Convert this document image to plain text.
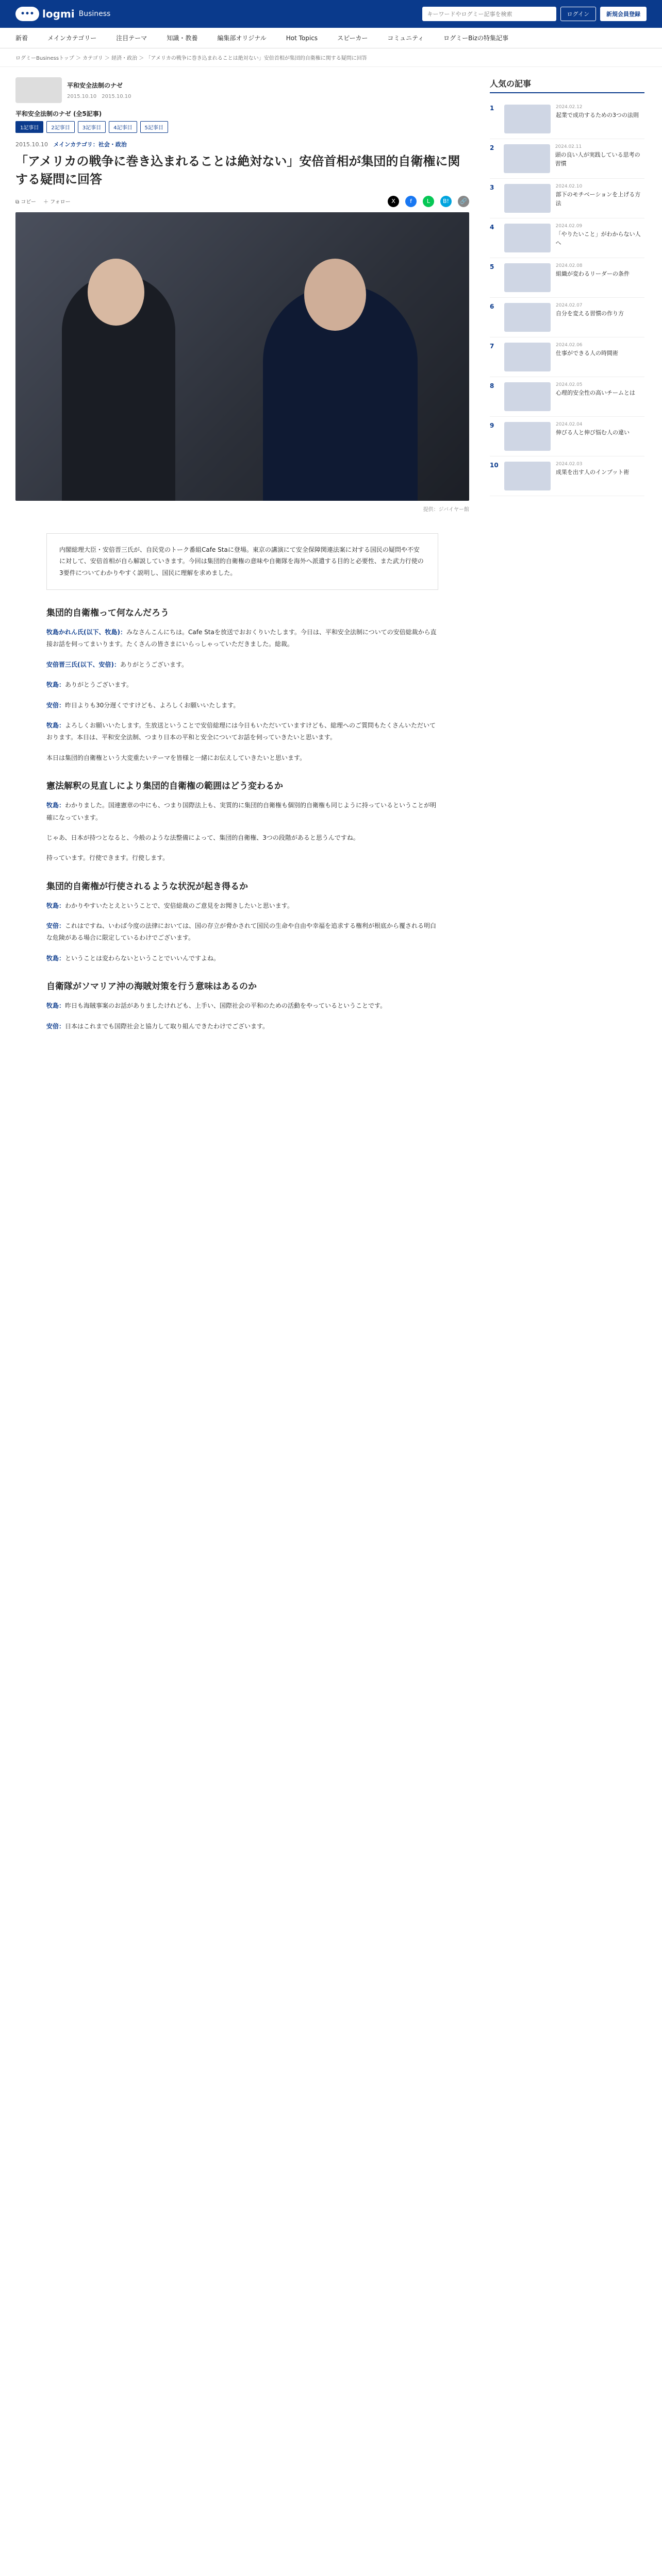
••• logmi Business
キーワードやログミー記事を検索	ログイン	新規会員登録
新着	メインカテゴリー	注目テーマ	知識・教養	編集部オリジナル	Hot Topics	スピーカー	コミュニティ	ログミーBizの特集記事
ログミーBusinessトップ ＞ カテゴリ ＞ 経済・政治 ＞ 「アメリカの戦争に巻き込まれることは絶対ない」安倍首相が集団的自衛権に関する疑問に回答
平和安全法制のナゼ
2015.10.10　2015.10.10
平和安全法制のナゼ (全5記事)
1記事目	2記事目	3記事目	4記事目	5記事目
2015.10.10 メインカテゴリ：社会・政治
「アメリカの戦争に巻き込まれることは絶対ない」安倍首相が集団的自衛権に関する疑問に回答
⧉ コピー ＋ フォロー	X	f	L	B!	🔗
提供：ジバイヤー館
内閣総理大臣・安倍晋三氏が、自民党のトーク番組Cafe Staに登場。東京の講演にて安全保障関連法案に対する国民の疑問や不安に対して、安倍首相が自ら解説していきます。今回は集団的自衛権の意味や自衛隊を海外へ派遣する目的と必要性、また武力行使の3要件についてわかりやすく説明し、国民に理解を求めました。
集団的自衛権って何なんだろう

牧島かれん氏(以下、牧島)：みなさんこんにちは。Cafe Staを放送でおおくりいたします。今日は、平和安全法制についての安倍総裁から直接お話を伺ってまいります。たくさんの皆さまにいらっしゃっていただきました。総裁。

安倍晋三氏(以下、安倍)：ありがとうございます。

牧島：ありがとうございます。

安倍：昨日よりも30分遅くですけども、よろしくお願いいたします。

牧島：よろしくお願いいたします。生放送ということで安倍総理には今日もいただいていますけども、総理へのご質問もたくさんいただいております。本日は、平和安全法制、つまり日本の平和と安全についてお話を伺っていきたいと思います。

本日は集団的自衛権という大変重たいテーマを皆様と一緒にお伝えしていきたいと思います。

憲法解釈の見直しにより集団的自衛権の範囲はどう変わるか

牧島：わかりました。国連憲章の中にも、つまり国際法上も、実質的に集団的自衛権も個別的自衛権も同じように持っているということが明確になっています。

じゃあ、日本が持つとなると、今般のような法整備によって、集団的自衛権、3つの段階があると思うんですね。

持っています。行使できます。行使します。

集団的自衛権が行使されるような状況が起き得るか

牧島：わかりやすいたとえということで、安倍総裁のご意見をお聞きしたいと思います。

安倍：これはですね、いわば今度の法律においては、国の存立が脅かされて国民の生命や自由や幸福を追求する権利が根底から覆される明白な危険がある場合に限定しているわけでございます。

牧島：ということは変わらないということでいいんですよね。

自衛隊がソマリア沖の海賊対策を行う意味はあるのか

牧島：昨日も海賊事案のお話がありましたけれども、上手い、国際社会の平和のための活動をやっているということです。

安倍：日本はこれまでも国際社会と協力して取り組んできたわけでございます。

人気の記事
1	2024.02.12
起業で成功するための3つの法則
2	2024.02.11
頭の良い人が実践している思考の習慣
3	2024.02.10
部下のモチベーションを上げる方法
4	2024.02.09
「やりたいこと」がわからない人へ
5	2024.02.08
組織が変わるリーダーの条件
6	2024.02.07
自分を変える習慣の作り方
7	2024.02.06
仕事ができる人の時間術
8	2024.02.05
心理的安全性の高いチームとは
9	2024.02.04
伸びる人と伸び悩む人の違い
10	2024.02.03
成果を出す人のインプット術
